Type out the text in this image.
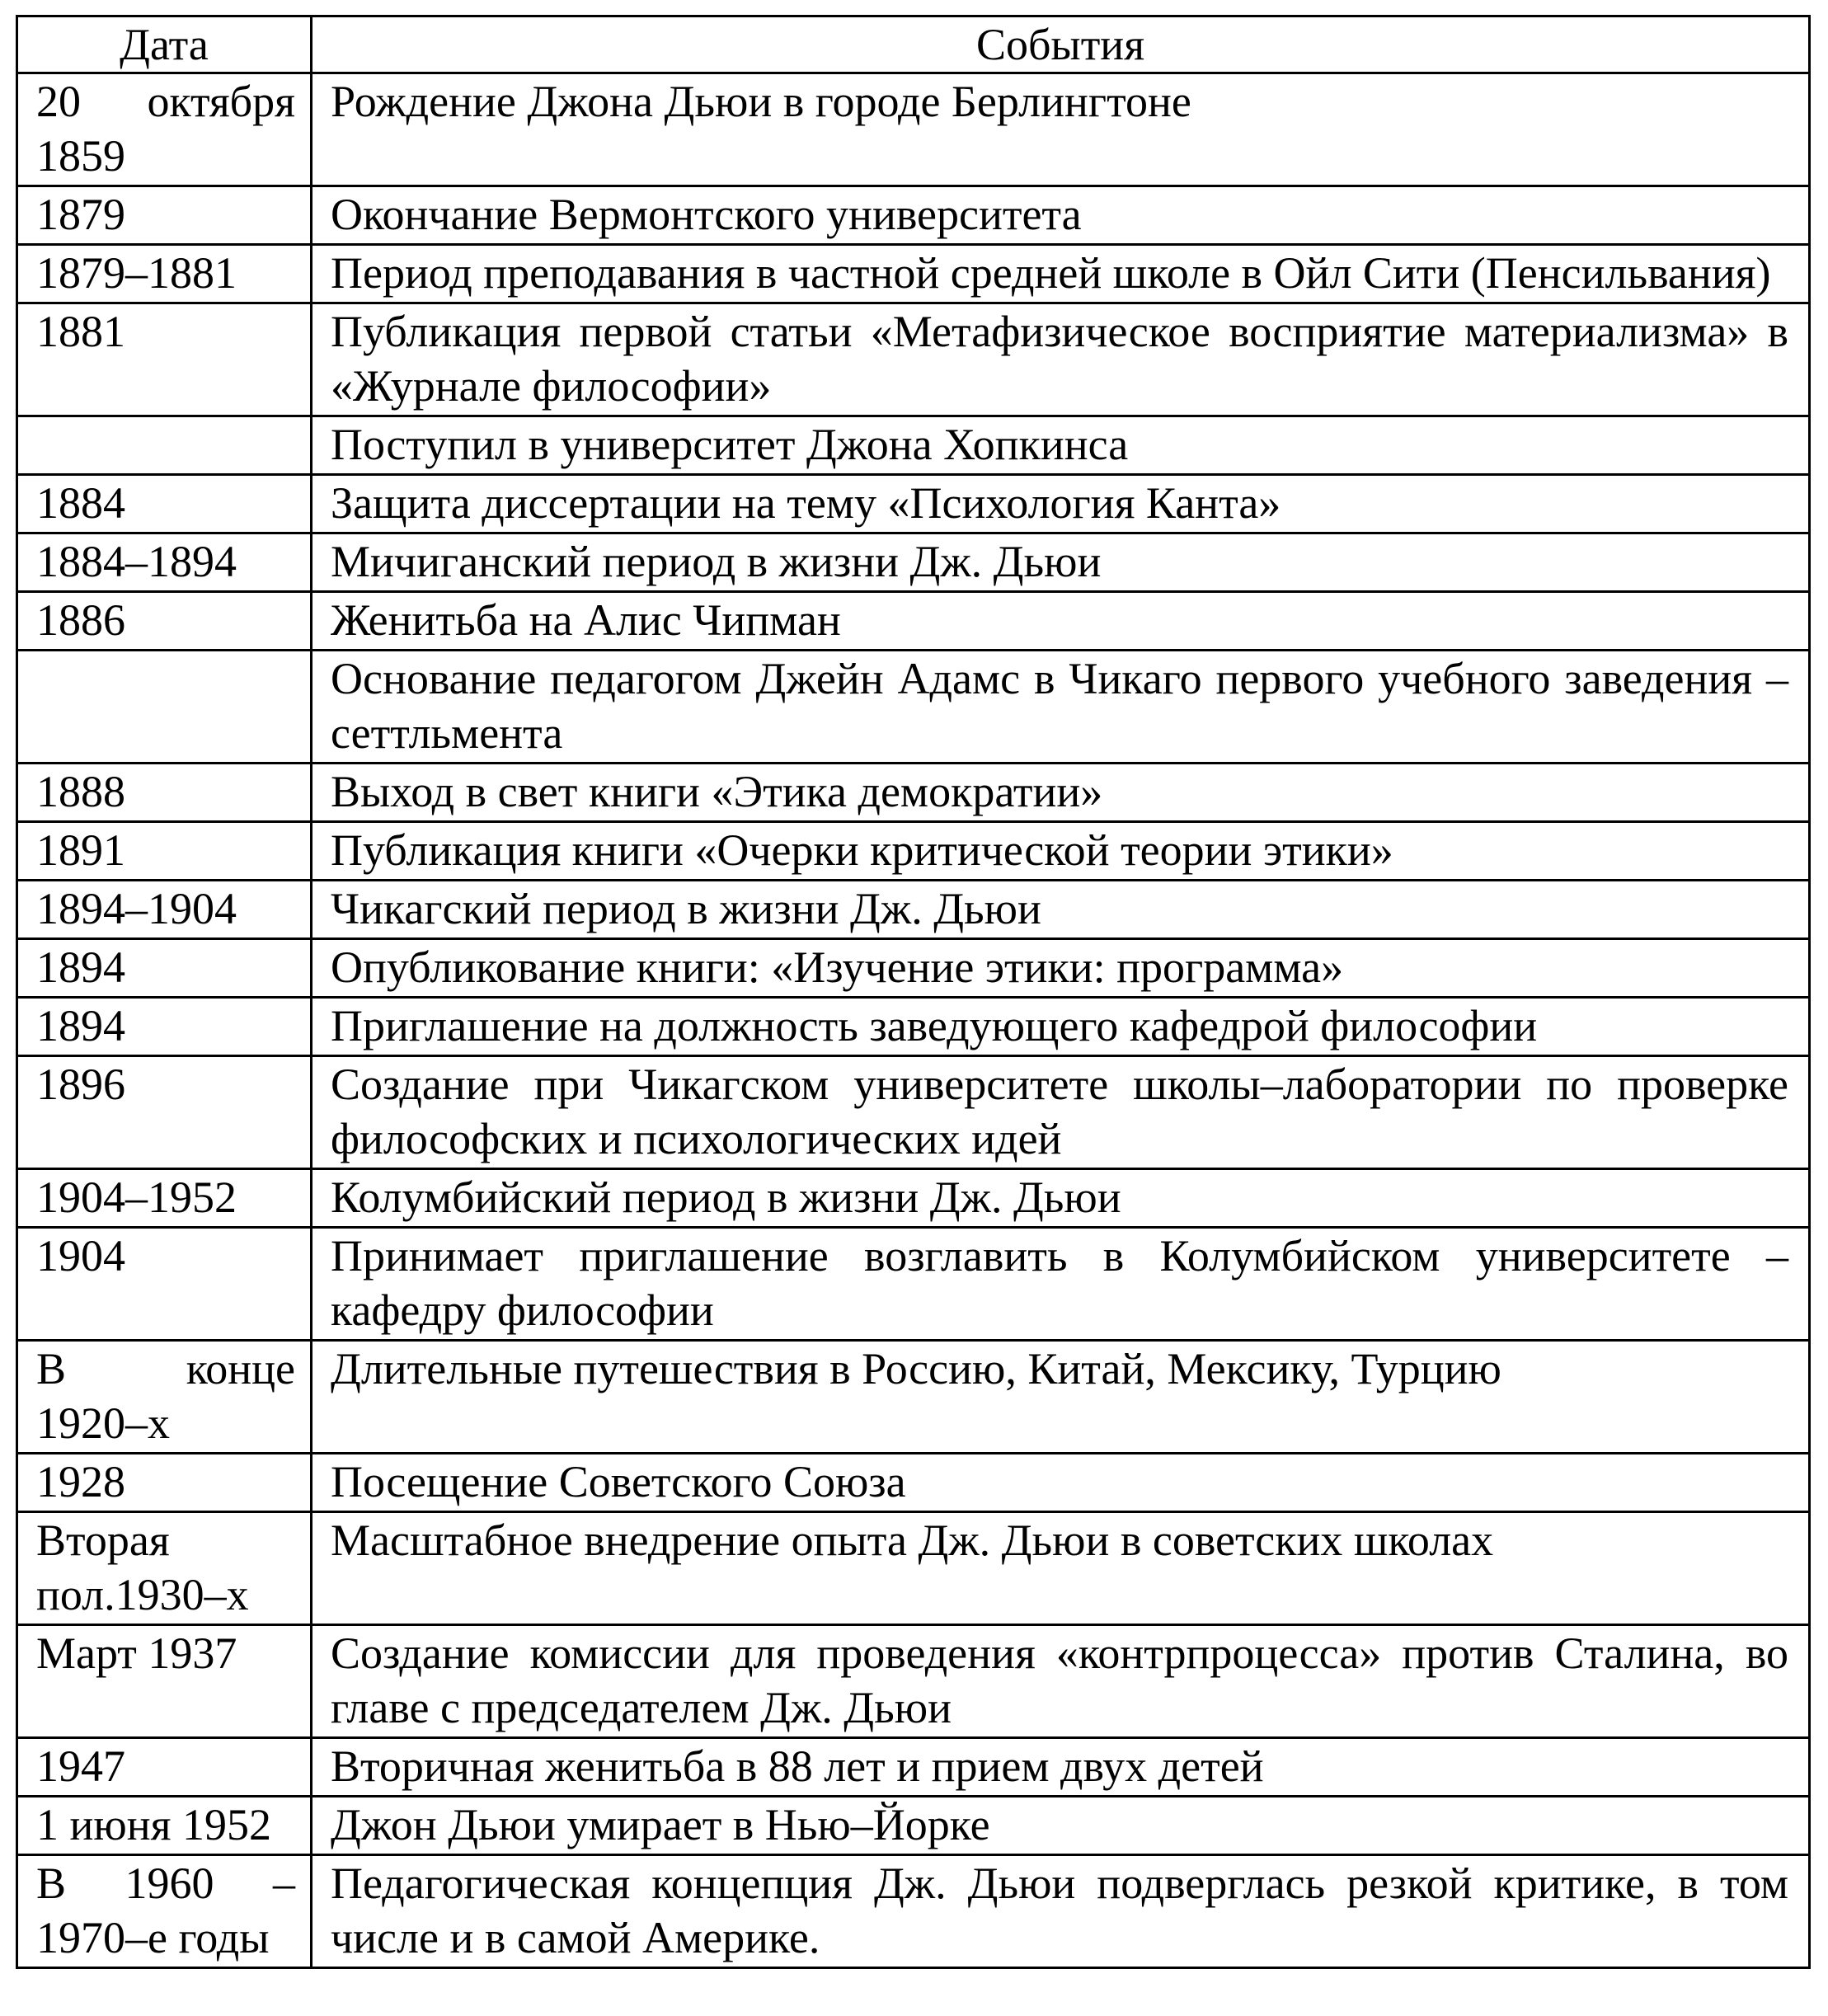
Дата	События
20 октября 1859	Рождение Джона Дьюи в городе Берлингтоне
1879	Окончание Вермонтского университета
1879–1881	Период преподавания в частной средней школе в Ойл Сити (Пенсильвания)
1881	Публикация первой статьи «Метафизическое восприятие материализма» в «Журнале философии»
	Поступил в университет Джона Хопкинса
1884	Защита диссертации на тему «Психология Канта»
1884–1894	Мичиганский период в жизни Дж. Дьюи
1886	Женитьба на Алис Чипман
	Основание педагогом Джейн Адамс в Чикаго первого учебного заведения – сеттльмента
1888	Выход в свет книги «Этика демократии»
1891	Публикация книги «Очерки критической теории этики»
1894–1904	Чикагский период в жизни Дж. Дьюи
1894	Опубликование книги: «Изучение этики: программа»
1894	Приглашение на должность заведующего кафедрой философии
1896	Создание при Чикагском университете школы–лаборатории по проверке философских и психологических идей
1904–1952	Колумбийский период в жизни Дж. Дьюи
1904	Принимает приглашение возглавить в Колумбийском университете – кафедру философии
В конце 1920–х	Длительные путешествия в Россию, Китай, Мексику, Турцию
1928	Посещение Советского Союза
Вторая пол.1930–х	Масштабное внедрение опыта Дж. Дьюи в советских школах
Март 1937	Создание комиссии для проведения «контрпроцесса» против Сталина, во главе с председателем Дж. Дьюи
1947	Вторичная женитьба в 88 лет и прием двух детей
1 июня 1952	Джон Дьюи умирает в Нью–Йорке
В 1960 – 1970–е годы	Педагогическая концепция Дж. Дьюи подверглась резкой критике, в том числе и в самой Америке.
